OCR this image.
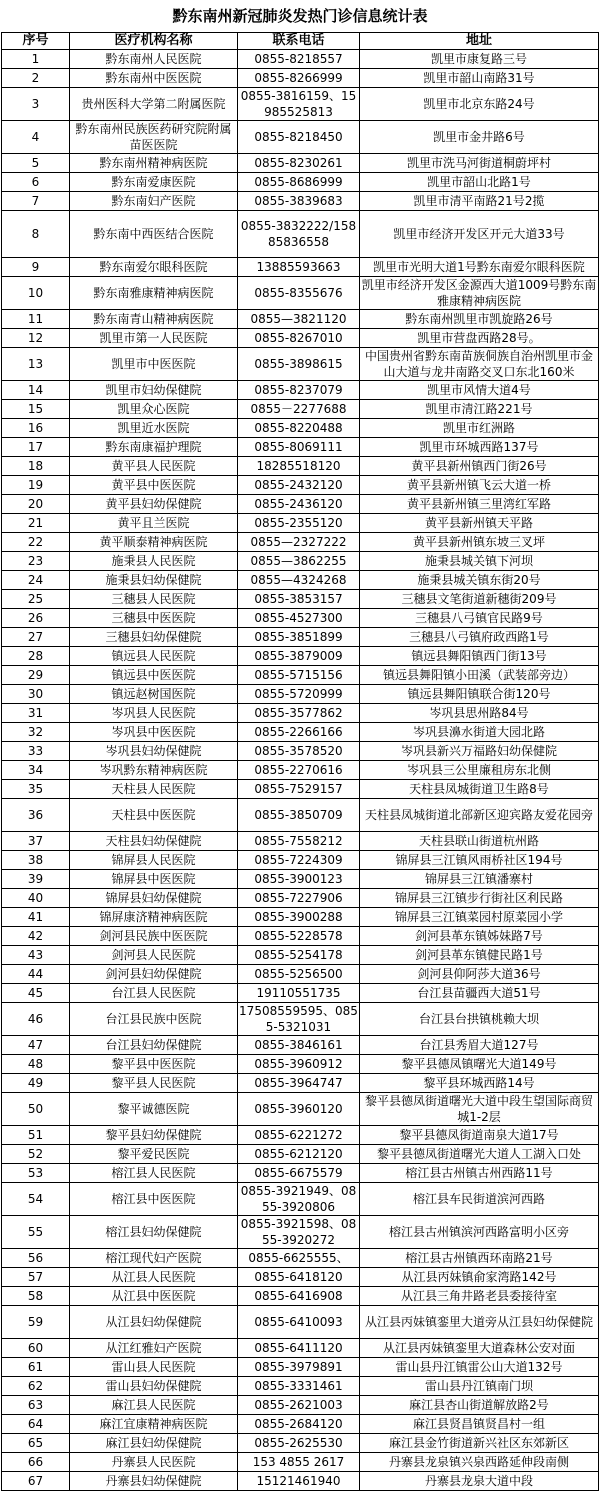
黔东南州新冠肺炎发热门诊信息统计表
序号	医疗机构名称	联系电话	地址
1	黔东南州人民医院	0855-8218557	凯里市康复路三号
2	黔东南州中医医院	0855-8266999	凯里市韶山南路31号
3	贵州医科大学第二附属医院	0855-3816159、15985525813	凯里市北京东路24号
4	黔东南州民族医药研究院附属苗医医院	0855-8218450	凯里市金井路6号
5	黔东南州精神病医院	0855-8230261	凯里市洗马河街道桐蔚坪村
6	黔东南爱康医院	0855-8686999	凯里市韶山北路1号
7	黔东南妇产医院	0855-3839683	凯里市清平南路21号2揽
8	黔东南中西医结合医院	0855-3832222/15885836558	凯里市经济开发区开元大道33号
9	黔东南爱尔眼科医院	13885593663	凯里市光明大道1号黔东南爱尔眼科医院
10	黔东南雅康精神病医院	0855-8355676	凯里市经济开发区金源西大道1009号黔东南雅康精神病医院
11	黔东南青山精神病医院	0855—3821120	黔东南州凯里市凯旋路26号
12	凯里市第一人民医院	0855-8267010	凯里市营盘西路28号。
13	凯里市中医医院	0855-3898615	中国贵州省黔东南苗族侗族自治州凯里市金山大道与龙井南路交叉口东北160米
14	凯里市妇幼保健院	0855-8237079	凯里市风情大道4号
15	凯里众心医院	0855－2277688	凯里市清江路221号
16	凯里近水医院	0855-8220488	凯里市红洲路
17	黔东南康福护理院	0855-8069111	凯里市环城西路137号
18	黄平县人民医院	18285518120	黄平县新州镇西门街26号
19	黄平县中医医院	0855-2432120	黄平县新州镇飞云大道一桥
20	黄平县妇幼保健院	0855-2436120	黄平县新州镇三里湾红军路
21	黄平且兰医院	0855-2355120	黄平县新州镇天平路
22	黄平顺泰精神病医院	0855—2327222	黄平县新州镇东坡三叉坪
23	施秉县人民医院	0855—3862255	施秉县城关镇下河坝
24	施秉县妇幼保健院	0855—4324268	施秉县城关镇东街20号
25	三穗县人民医院	0855-3853157	三穗县文笔街道新穗街209号
26	三穗县中医医院	0855-4527300	三穗县八弓镇官民路9号
27	三穗县妇幼保健院	0855-3851899	三穗县八弓镇府政西路1号
28	镇远县人民医院	0855-3879009	镇远县舞阳镇西门街13号
29	镇远县中医医院	0855-5715156	镇远县舞阳镇小田溪（武装部旁边）
30	镇远赵树国医院	0855-5720999	镇远县舞阳镇联合街120号
31	岑巩县人民医院	0855-3577862	岑巩县思州路84号
32	岑巩县中医医院	0855-2266166	岑巩县濞水街道大园北路
33	岑巩县妇幼保健院	0855-3578520	岑巩县新兴万福路妇幼保健院
34	岑巩黔东精神病医院	0855-2270616	岑巩县三公里廉租房东北侧
35	天柱县人民医院	0855-7529157	天柱县凤城街道卫生路8号
36	天柱县中医医院	0855-3850709	天柱县凤城街道北部新区迎宾路友爱花园旁
37	天柱县妇幼保健院	0855-7558212	天柱县联山街道杭州路
38	锦屏县人民医院	0855-7224309	锦屏县三江镇风雨桥社区194号
39	锦屏县中医医院	0855-3900123	锦屏县三江镇潘寨村
40	锦屏县妇幼保健院	0855-7227906	锦屏县三江镇步行街社区利民路
41	锦屏康济精神病医院	0855-3900288	锦屏县三江镇菜园村原菜园小学
42	剑河县民族中医医院	0855-5228578	剑河县革东镇姊妹路7号
43	剑河县人民医院	0855-5254178	剑河县革东镇健民路1号
44	剑河县妇幼保健院	0855-5256500	剑河县仰阿莎大道36号
45	台江县人民医院	19110551735	台江县苗疆西大道51号
46	台江县民族中医院	17508559595、0855-5321031	台江县台拱镇桃赖大坝
47	台江县妇幼保健院	0855-3846161	台江县秀眉大道127号
48	黎平县中医医院	0855-3960912	黎平县德凤镇曙光大道149号
49	黎平县人民医院	0855-3964747	黎平县环城西路14号
50	黎平诚德医院	0855-3960120	黎平县德凤街道曙光大道中段生望国际商贸城1-2层
51	黎平县妇幼保健院	0855-6221272	黎平县德凤街道南泉大道17号
52	黎平爱民医院	0855-6212120	黎平县德凤街道曙光大道人工湖入口处
53	榕江县人民医院	0855-6675579	榕江县古州镇古州西路11号
54	榕江县中医医院	0855-3921949、0855-3920806	榕江县车民街道滨河西路
55	榕江县妇幼保健院	0855-3921598、0855-3920272	榕江县古州镇滨河西路富明小区旁
56	榕江现代妇产医院	0855-6625555、	榕江县古州镇西环南路21号
57	从江县人民医院	0855-6418120	从江县丙妹镇俞家湾路142号
58	从江县中医医院	0855-6416908	从江县三角井路老县委接待室
59	从江县妇幼保健院	0855-6410093	从江县丙妹镇銮里大道旁从江县妇幼保健院
60	从江红雅妇产医院	0855-6411120	从江县丙妹镇銮里大道森林公安对面
61	雷山县人民医院	0855-3979891	雷山县丹江镇雷公山大道132号
62	雷山县妇幼保健院	0855-3331461	雷山县丹江镇南门坝
63	麻江县人民医院	0855-2621003	麻江县杏山街道解放路2号
64	麻江宜康精神病医院	0855-2684120	麻江县贤昌镇贤昌村一组
65	麻江县妇幼保健院	0855-2625530	麻江县金竹街道新兴社区东郊新区
66	丹寨县人民医院	153 4855 2617	丹寨县龙泉镇兴泉西路延伸段南侧
67	丹寨县妇幼保健院	15121461940	丹寨县龙泉大道中段
